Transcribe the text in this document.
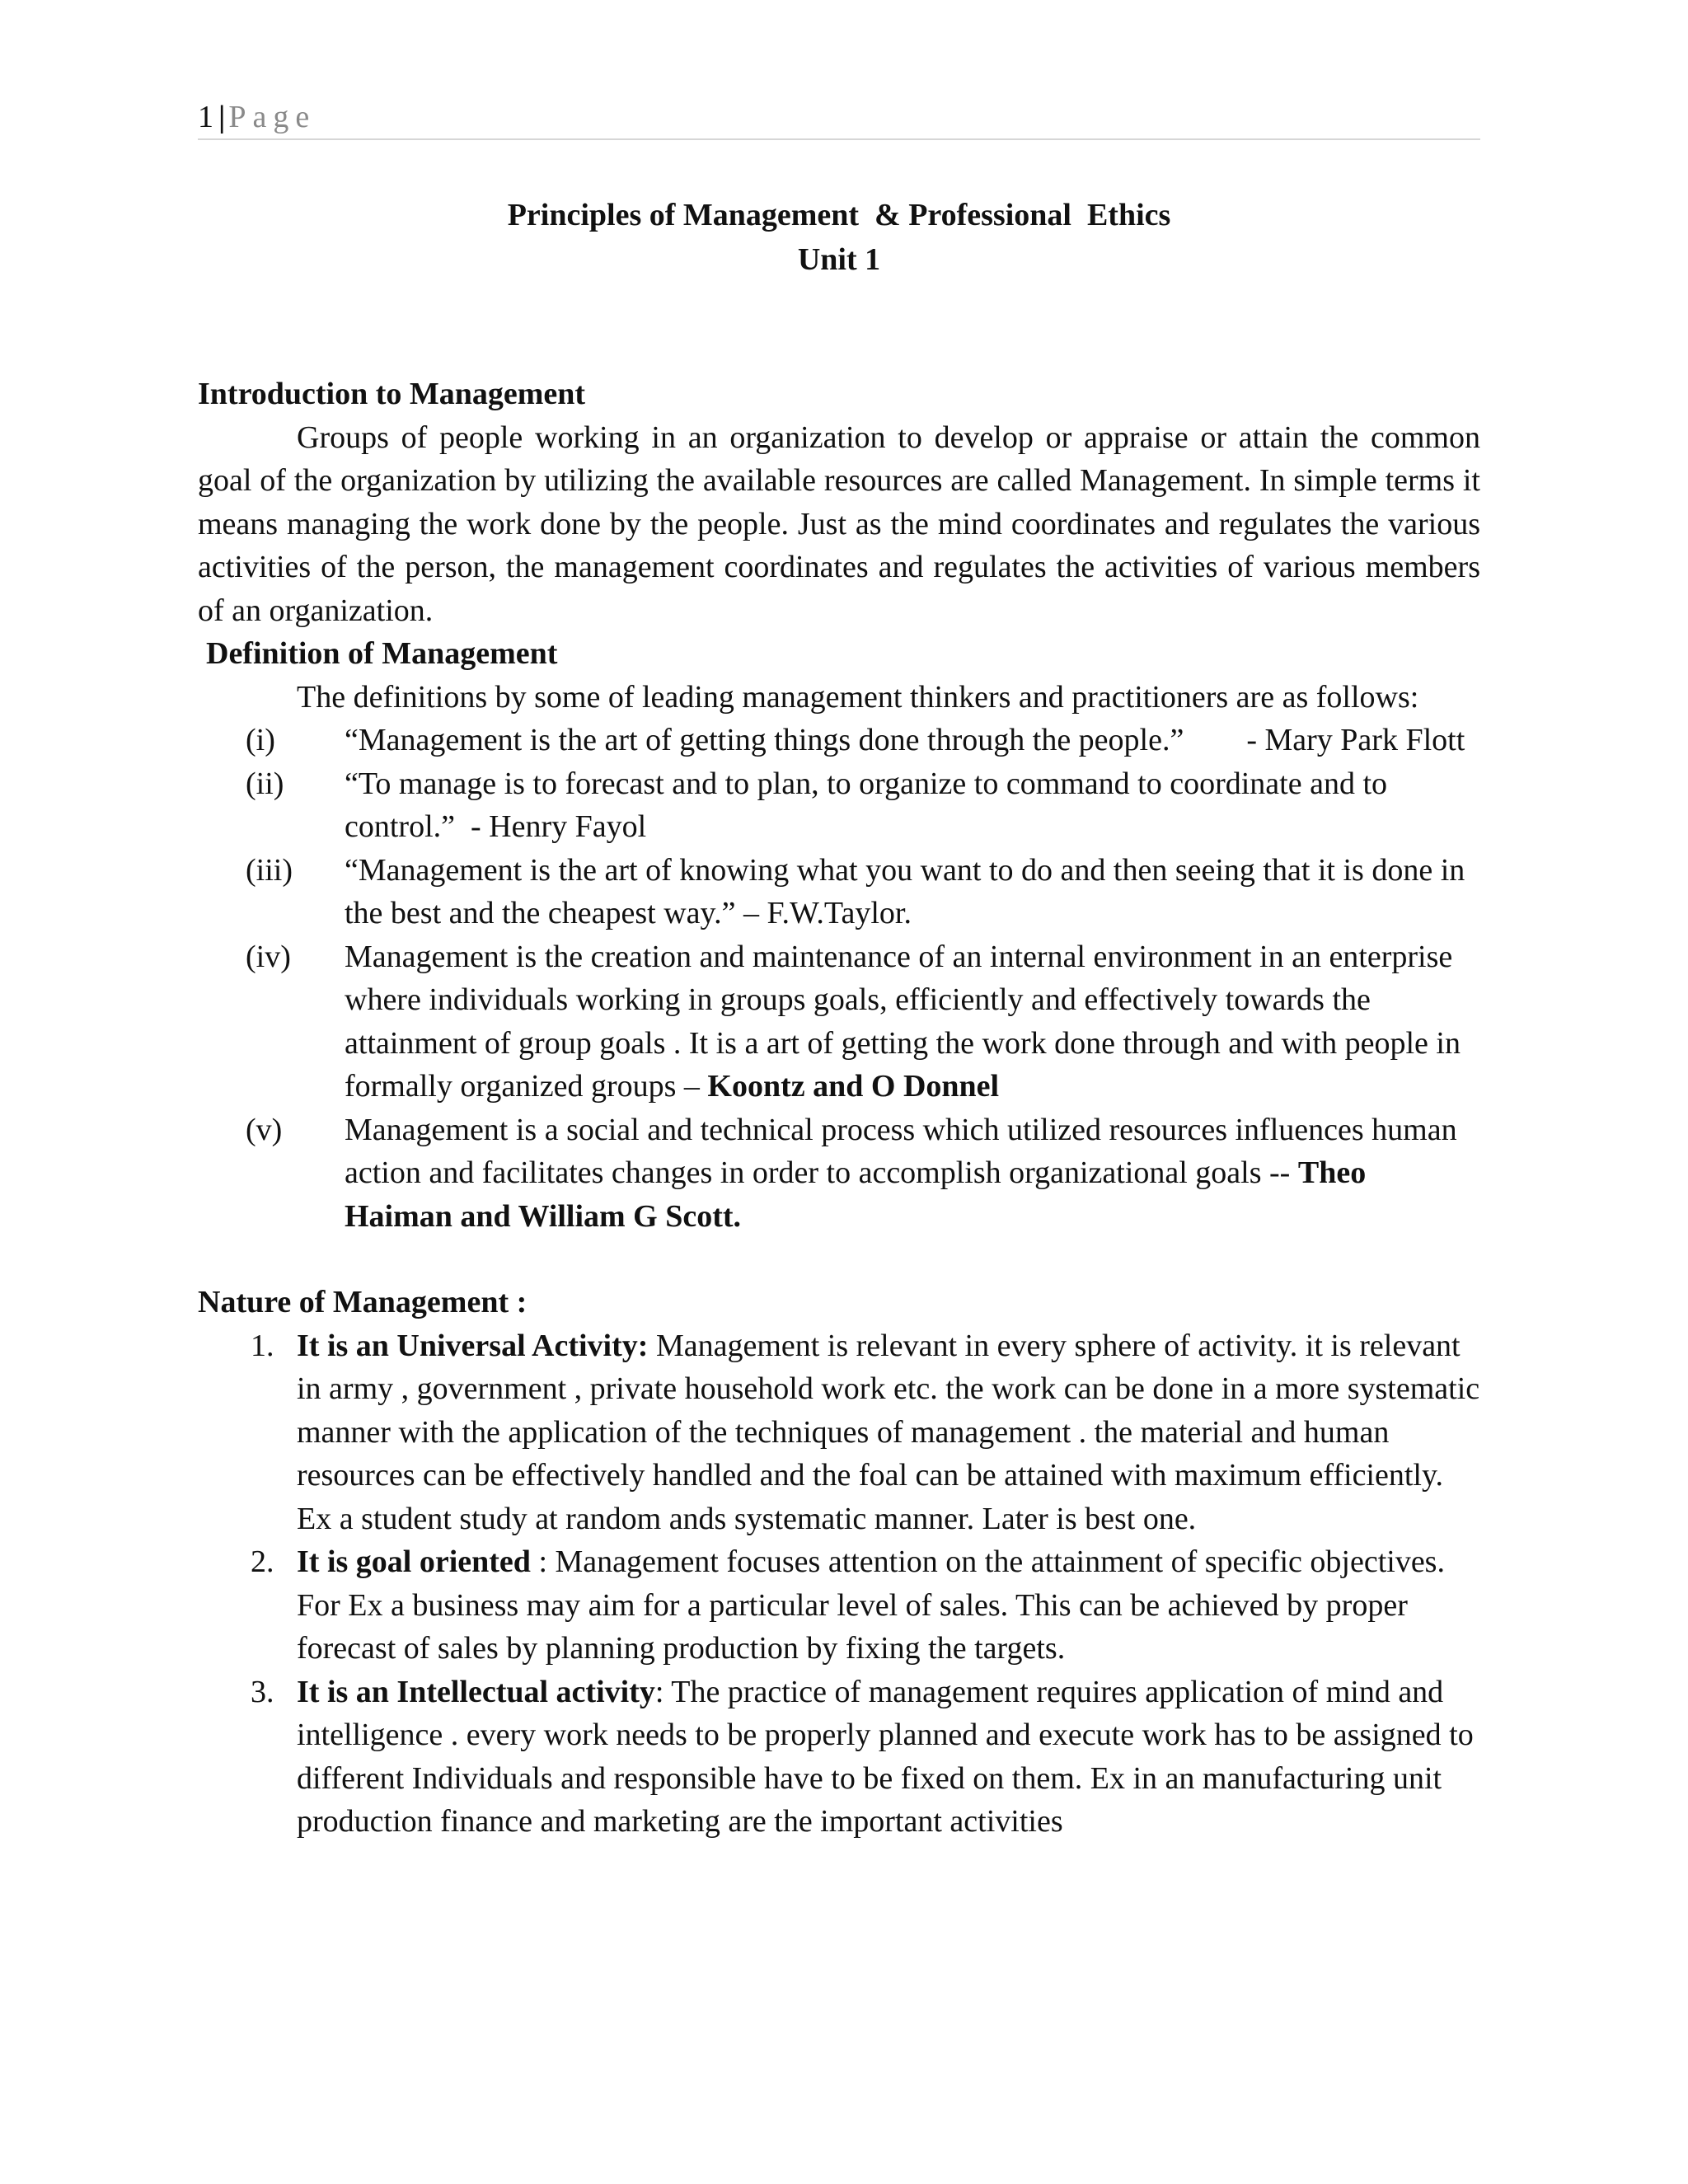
1 | Page
Principles of Management  & Professional  Ethics
Unit 1

Introduction to Management

Groups of people working in an organization to develop or appraise or attain the common goal of the organization by utilizing the available resources are called Management. In simple terms it means managing the work done by the people. Just as the mind coordinates and regulates the various activities of the person, the management coordinates and regulates the activities of various members of an organization.

Definition of Management

The definitions by some of leading management thinkers and practitioners are as follows:

(i) “Management is the art of getting things done through the people.”        - Mary Park Flott
(ii) “To manage is to forecast and to plan, to organize to command to coordinate and to control.”  - Henry Fayol
(iii) “Management is the art of knowing what you want to do and then seeing that it is done in the best and the cheapest way.” – F.W.Taylor.
(iv) Management is the creation and maintenance of an internal environment in an enterprise where individuals working in groups goals, efficiently and effectively towards the attainment of group goals . It is a art of getting the work done through and with people in formally organized groups – Koontz and O Donnel
(v) Management is a social and technical process which utilized resources influences human action and facilitates changes in order to accomplish organizational goals -- Theo Haiman and William G Scott.

Nature of Management :

1. It is an Universal Activity: Management is relevant in every sphere of activity. it is relevant in army , government , private household work etc. the work can be done in a more systematic manner with the application of the techniques of management . the material and human resources can be effectively handled and the foal can be attained with maximum efficiently. Ex a student study at random ands systematic manner. Later is best one.
2. It is goal oriented : Management focuses attention on the attainment of specific objectives. For Ex a business may aim for a particular level of sales. This can be achieved by proper forecast of sales by planning production by fixing the targets.
3. It is an Intellectual activity: The practice of management requires application of mind and intelligence . every work needs to be properly planned and execute work has to be assigned to different Individuals and responsible have to be fixed on them. Ex in an manufacturing unit production finance and marketing are the important activities
